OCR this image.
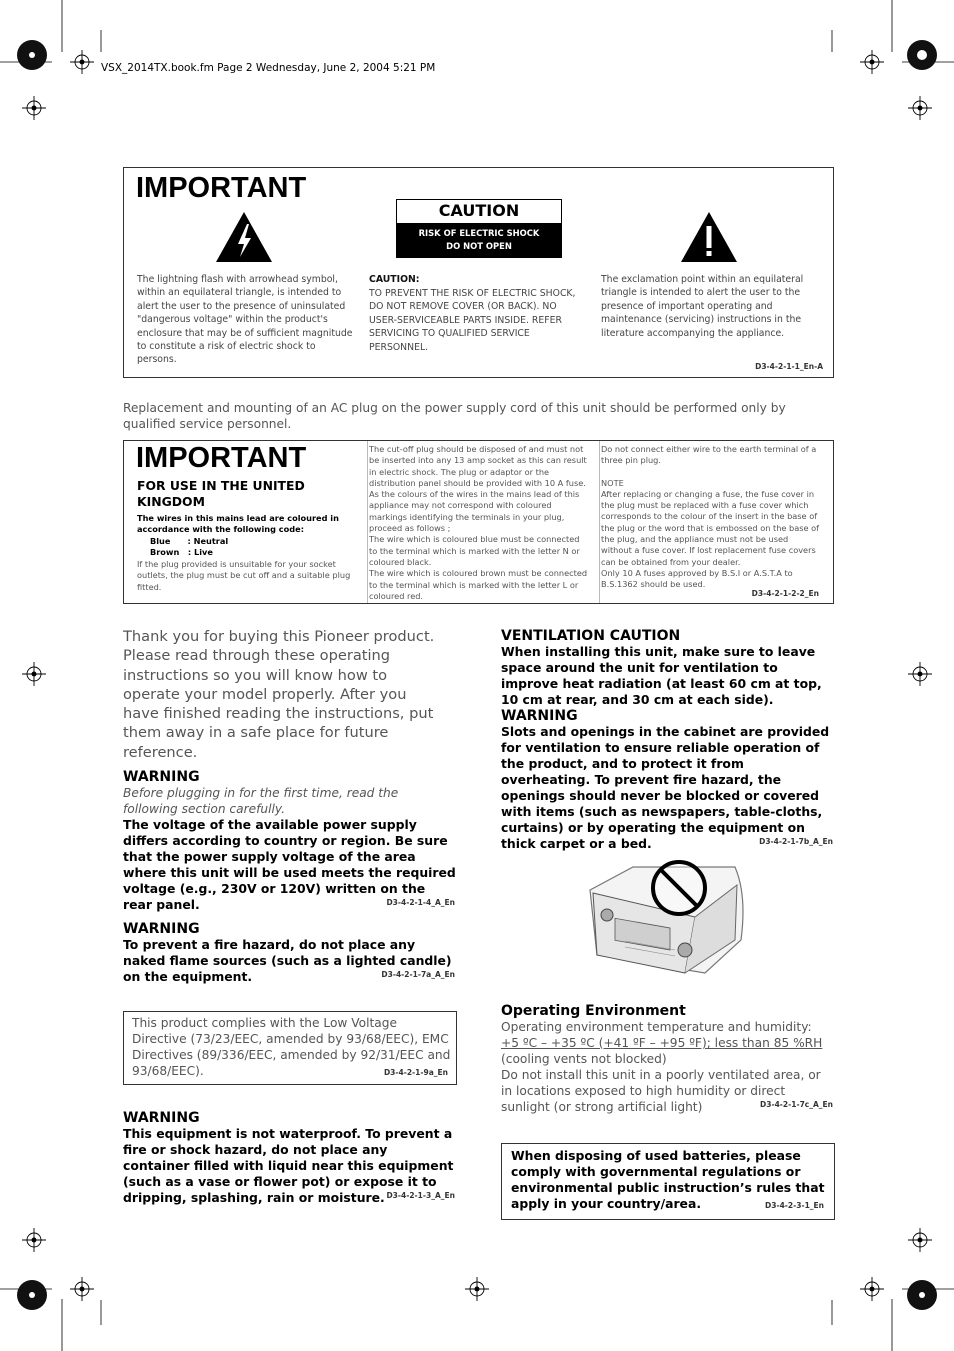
VSX_2014TX.book.fm Page 2 Wednesday, June 2, 2004 5:21 PM
IMPORTANT
CAUTION
RISK OF ELECTRIC SHOCK
DO NOT OPEN
The lightning flash with arrowhead symbol, within an equilateral triangle, is intended to alert the user to the presence of uninsulated "dangerous voltage" within the product's enclosure that may be of sufficient magnitude to constitute a risk of electric shock to persons.
CAUTION:
TO PREVENT THE RISK OF ELECTRIC SHOCK, DO NOT REMOVE COVER (OR BACK). NO USER-SERVICEABLE PARTS INSIDE. REFER SERVICING TO QUALIFIED SERVICE PERSONNEL.
The exclamation point within an equilateral triangle is intended to alert the user to the presence of important operating and maintenance (servicing) instructions in the literature accompanying the appliance.
D3-4-2-1-1_En-A
Replacement and mounting of an AC plug on the power supply cord of this unit should be performed only by qualified service personnel.
IMPORTANT
FOR USE IN THE UNITED KINGDOM
The wires in this mains lead are coloured in accordance with the following code:
Blue      : Neutral
Brown   : Live
If the plug provided is unsuitable for your socket outlets, the plug must be cut off and a suitable plug fitted.
The cut-off plug should be disposed of and must not be inserted into any 13 amp socket as this can result in electric shock. The plug or adaptor or the distribution panel should be provided with 10 A fuse. As the colours of the wires in the mains lead of this appliance may not correspond with coloured markings identifying the terminals in your plug, proceed as follows ;
The wire which is coloured blue must be connected to the terminal which is marked with the letter N or coloured black.
The wire which is coloured brown must be connected to the terminal which is marked with the letter L or coloured red.
Do not connect either wire to the earth terminal of a three pin plug.
NOTE
After replacing or changing a fuse, the fuse cover in the plug must be replaced with a fuse cover which corresponds to the colour of the insert in the base of the plug or the word that is embossed on the base of the plug, and the appliance must not be used without a fuse cover. If lost replacement fuse covers can be obtained from your dealer.
Only 10 A fuses approved by B.S.I or A.S.T.A to B.S.1362 should be used.
D3-4-2-1-2-2_En
Thank you for buying this Pioneer product. Please read through these operating instructions so you will know how to operate your model properly. After you have finished reading the instructions, put them away in a safe place for future reference.
WARNING
Before plugging in for the first time, read the following section carefully.
The voltage of the available power supply differs according to country or region. Be sure that the power supply voltage of the area where this unit will be used meets the required voltage (e.g., 230V or 120V) written on the rear panel.	D3-4-2-1-4_A_En
WARNING
To prevent a fire hazard, do not place any naked flame sources (such as a lighted candle) on the equipment.	D3-4-2-1-7a_A_En
This product complies with the Low Voltage Directive (73/23/EEC, amended by 93/68/EEC), EMC Directives (89/336/EEC, amended by 92/31/EEC and 93/68/EEC).	D3-4-2-1-9a_En
WARNING
This equipment is not waterproof. To prevent a fire or shock hazard, do not place any container filled with liquid near this equipment (such as a vase or flower pot) or expose it to dripping, splashing, rain or moisture. D3-4-2-1-3_A_En
VENTILATION CAUTION
When installing this unit, make sure to leave space around the unit for ventilation to improve heat radiation (at least 60 cm at top, 10 cm at rear, and 30 cm at each side).
WARNING
Slots and openings in the cabinet are provided for ventilation to ensure reliable operation of the product, and to protect it from overheating. To prevent fire hazard, the openings should never be blocked or covered with items (such as newspapers, table-cloths, curtains) or by operating the equipment on thick carpet or a bed.	D3-4-2-1-7b_A_En
Operating Environment
Operating environment temperature and humidity:
+5 ºC – +35 ºC (+41 ºF – +95 ºF); less than 85 %RH
(cooling vents not blocked)
Do not install this unit in a poorly ventilated area, or in locations exposed to high humidity or direct sunlight (or strong artificial light)	D3-4-2-1-7c_A_En
When disposing of used batteries, please comply with governmental regulations or environmental public instruction’s rules that apply in your country/area.	D3-4-2-3-1_En
